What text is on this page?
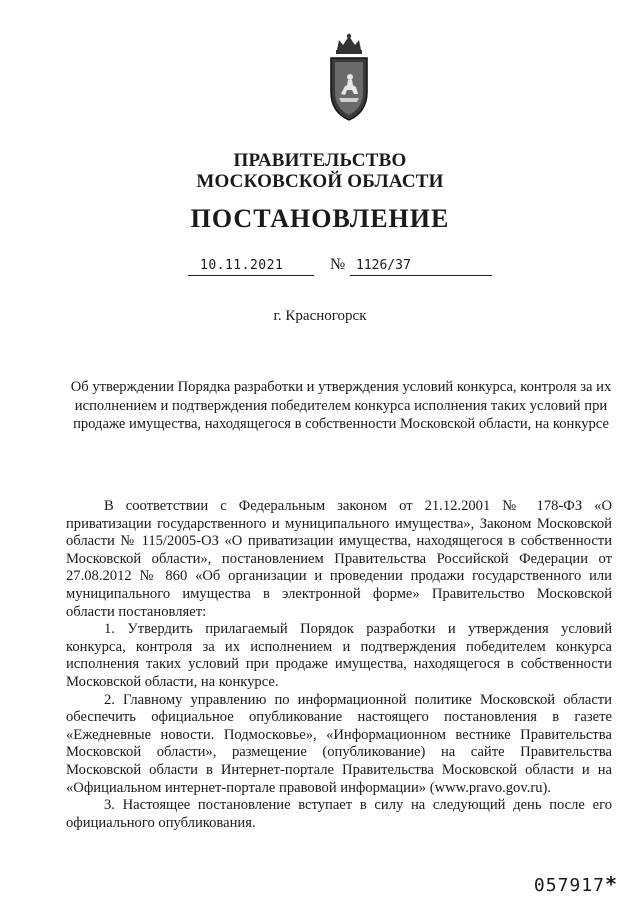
ПРАВИТЕЛЬСТВО
МОСКОВСКОЙ ОБЛАСТИ
ПОСТАНОВЛЕНИЕ
10.11.2021	№ 1126/37
г. Красногорск
Об утверждении Порядка разработки и утверждения условий конкурса, контроля за их исполнением и подтверждения победителем конкурса исполнения таких условий при продаже имущества, находящегося в собственности Московской области, на конкурсе

В соответствии с Федеральным законом от 21.12.2001 № 178-ФЗ «О приватизации государственного и муниципального имущества», Законом Московской области № 115/2005-ОЗ «О приватизации имущества, находящегося в собственности Московской области», постановлением Правительства Российской Федерации от 27.08.2012 № 860 «Об организации и проведении продажи государственного или муниципального имущества в электронной форме» Правительство Московской области постановляет:

1. Утвердить прилагаемый Порядок разработки и утверждения условий конкурса, контроля за их исполнением и подтверждения победителем конкурса исполнения таких условий при продаже имущества, находящегося в собственности Московской области, на конкурсе.

2. Главному управлению по информационной политике Московской области обеспечить официальное опубликование настоящего постановления в газете «Ежедневные новости. Подмосковье», «Информационном вестнике Правительства Московской области», размещение (опубликование) на сайте Правительства Московской области в Интернет-портале Правительства Московской области и на «Официальном интернет-портале правовой информации» (www.pravo.gov.ru).

3. Настоящее постановление вступает в силу на следующий день после его официального опубликования.

057917*
